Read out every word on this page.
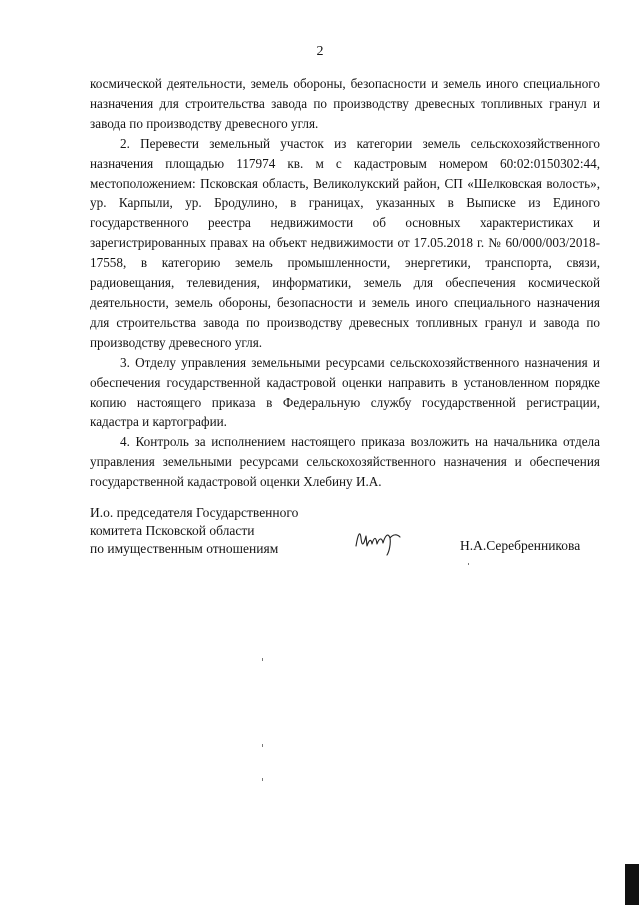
2

космической деятельности, земель обороны, безопасности и земель иного специального назначения для строительства завода по производству древесных топливных гранул и завода по производству древесного угля.

2. Перевести земельный участок из категории земель сельскохозяйственного назначения площадью 117974 кв. м с кадастровым номером 60:02:0150302:44, местоположением: Псковская область, Великолукский район, СП «Шелковская волость», ур. Карпыли, ур. Бродулино, в границах, указанных в Выписке из Единого государственного реестра недвижимости об основных характеристиках и зарегистрированных правах на объект недвижимости от 17.05.2018 г. № 60/000/003/2018-17558, в категорию земель промышленности, энергетики, транспорта, связи, радиовещания, телевидения, информатики, земель для обеспечения космической деятельности, земель обороны, безопасности и земель иного специального назначения для строительства завода по производству древесных топливных гранул и завода по производству древесного угля.

3. Отделу управления земельными ресурсами сельскохозяйственного назначения и обеспечения государственной кадастровой оценки направить в установленном порядке копию настоящего приказа в Федеральную службу государственной регистрации, кадастра и картографии.

4. Контроль за исполнением настоящего приказа возложить на начальника отдела управления земельными ресурсами сельскохозяйственного назначения и обеспечения государственной кадастровой оценки Хлебину И.А.

И.о. председателя Государственного
комитета Псковской области
по имущественным отношениям	Н.А.Серебренникова
